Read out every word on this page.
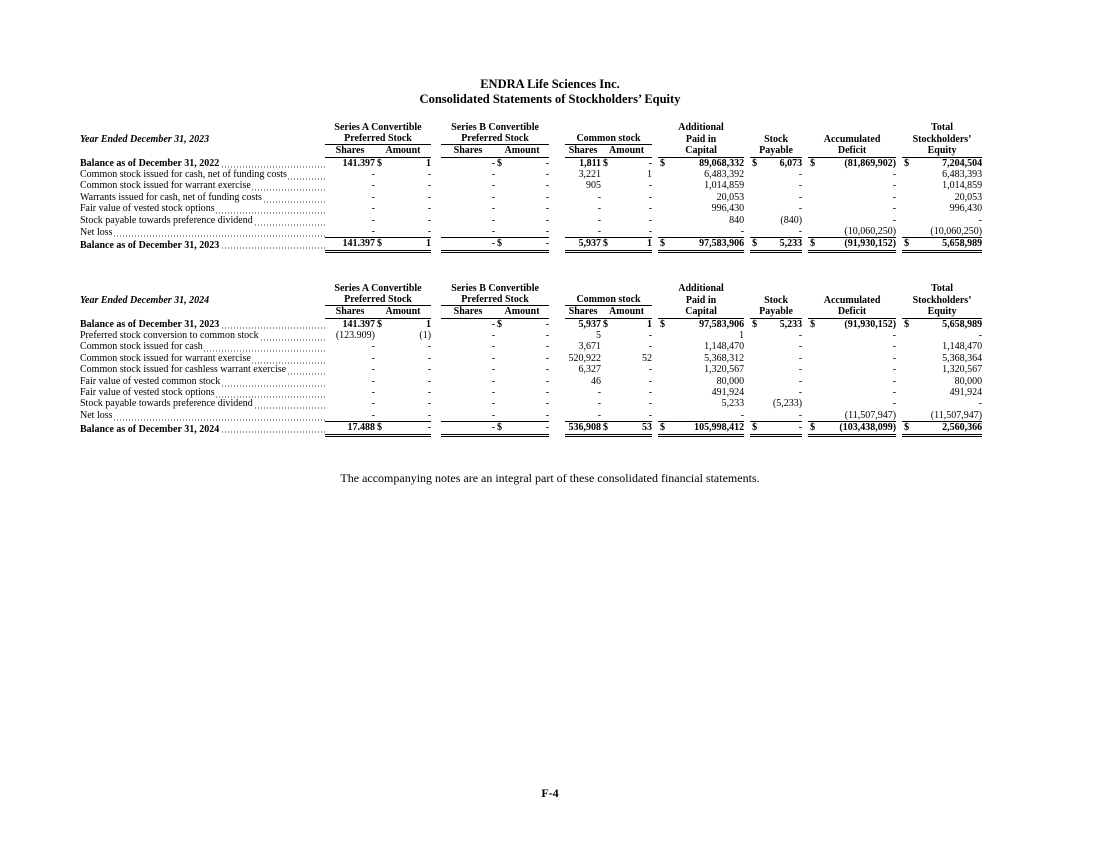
ENDRA Life Sciences Inc.
Consolidated Statements of Stockholders’ Equity
	Series A Convertible				Series B Convertible								Additional									Total	
Year Ended December 31, 2023	Preferred Stock				Preferred Stock				Common stock				Paid in			Stock			Accumulated			Stockholders’	
	Shares	Amount			Shares	Amount			Shares	Amount			Capital			Payable			Deficit			Equity	
Balance as of December 31, 2022	141.397	$	1		-	$	-		1,811	$	-		$	89,068,332		$	6,073		$	(81,869,902)		$	7,204,504
Common stock issued for cash, net of funding costs	-		-		-		-		3,221		1			6,483,392			-			-			6,483,393
Common stock issued for warrant exercise	-		-		-		-		905		-			1,014,859			-			-			1,014,859
Warrants issued for cash, net of funding costs	-		-		-		-		-		-			20,053			-			-			20,053
Fair value of vested stock options	-		-		-		-		-		-			996,430			-			-			996,430
Stock payable towards preference dividend	-		-		-		-		-		-			840			(840)			-			-
Net loss	-		-		-		-		-		-			-			-			(10,060,250)			(10,060,250)
Balance as of December 31, 2023	141.397	$	1		-	$	-		5,937	$	1		$	97,583,906		$	5,233		$	(91,930,152)		$	5,658,989
	Series A Convertible				Series B Convertible								Additional									Total	
Year Ended December 31, 2024	Preferred Stock				Preferred Stock				Common stock				Paid in			Stock			Accumulated			Stockholders’	
	Shares	Amount			Shares	Amount			Shares	Amount			Capital			Payable			Deficit			Equity	
Balance as of December 31, 2023	141.397	$	1		-	$	-		5,937	$	1		$	97,583,906		$	5,233		$	(91,930,152)		$	5,658,989
Preferred stock conversion to common stock	(123.909)		(1)		-		-		5		-			1			-			-			-
Common stock issued for cash	-		-		-		-		3,671		-			1,148,470			-			-			1,148,470
Common stock issued for warrant exercise	-		-		-		-		520,922		52			5,368,312			-			-			5,368,364
Common stock issued for cashless warrant exercise	-		-		-		-		6,327		-			1,320,567			-			-			1,320,567
Fair value of vested common stock	-		-		-		-		46		-			80,000			-			-			80,000
Fair value of vested stock options	-		-		-		-		-		-			491,924			-			-			491,924
Stock payable towards preference dividend	-		-		-		-		-		-			5,233			(5,233)			-			-
Net loss	-		-		-		-		-		-			-			-			(11,507,947)			(11,507,947)
Balance as of December 31, 2024	17.488	$	-		-	$	-		536,908	$	53		$	105,998,412		$	-		$	(103,438,099)		$	2,560,366
The accompanying notes are an integral part of these consolidated financial statements.
F-4
